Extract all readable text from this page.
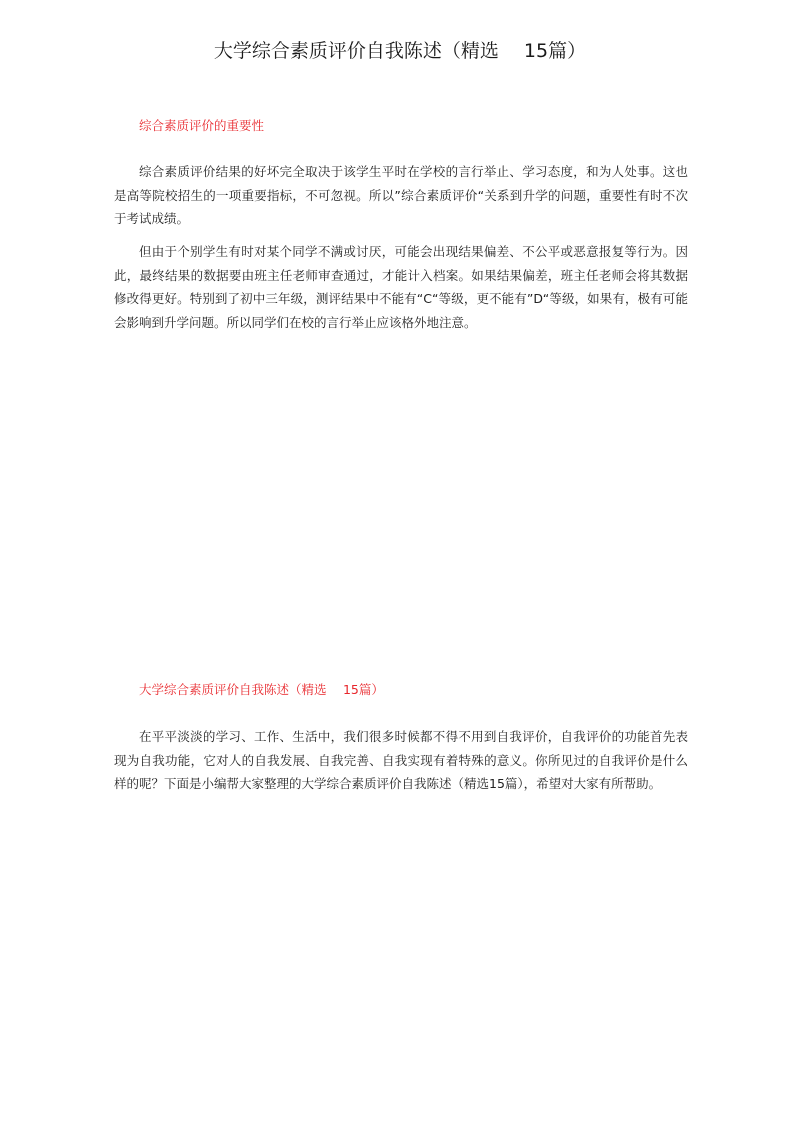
大学综合素质评价自我陈述（精选　 15篇）
综合素质评价的重要性

综合素质评价结果的好坏完全取决于该学生平时在学校的言行举止、学习态度，和为人处事。这也是高等院校招生的一项重要指标，不可忽视。所以”综合素质评价“关系到升学的问题，重要性有时不次于考试成绩。

但由于个别学生有时对某个同学不满或讨厌，可能会出现结果偏差、不公平或恶意报复等行为。因此，最终结果的数据要由班主任老师审查通过，才能计入档案。如果结果偏差，班主任老师会将其数据修改得更好。特别到了初中三年级，测评结果中不能有“C“等级，更不能有”D“等级，如果有，极有可能会影响到升学问题。所以同学们在校的言行举止应该格外地注意。

大学综合素质评价自我陈述（精选　 15篇）

在平平淡淡的学习、工作、生活中，我们很多时候都不得不用到自我评价，自我评价的功能首先表现为自我功能，它对人的自我发展、自我完善、自我实现有着特殊的意义。你所见过的自我评价是什么样的呢？下面是小编帮大家整理的大学综合素质评价自我陈述（精选15篇），希望对大家有所帮助。
